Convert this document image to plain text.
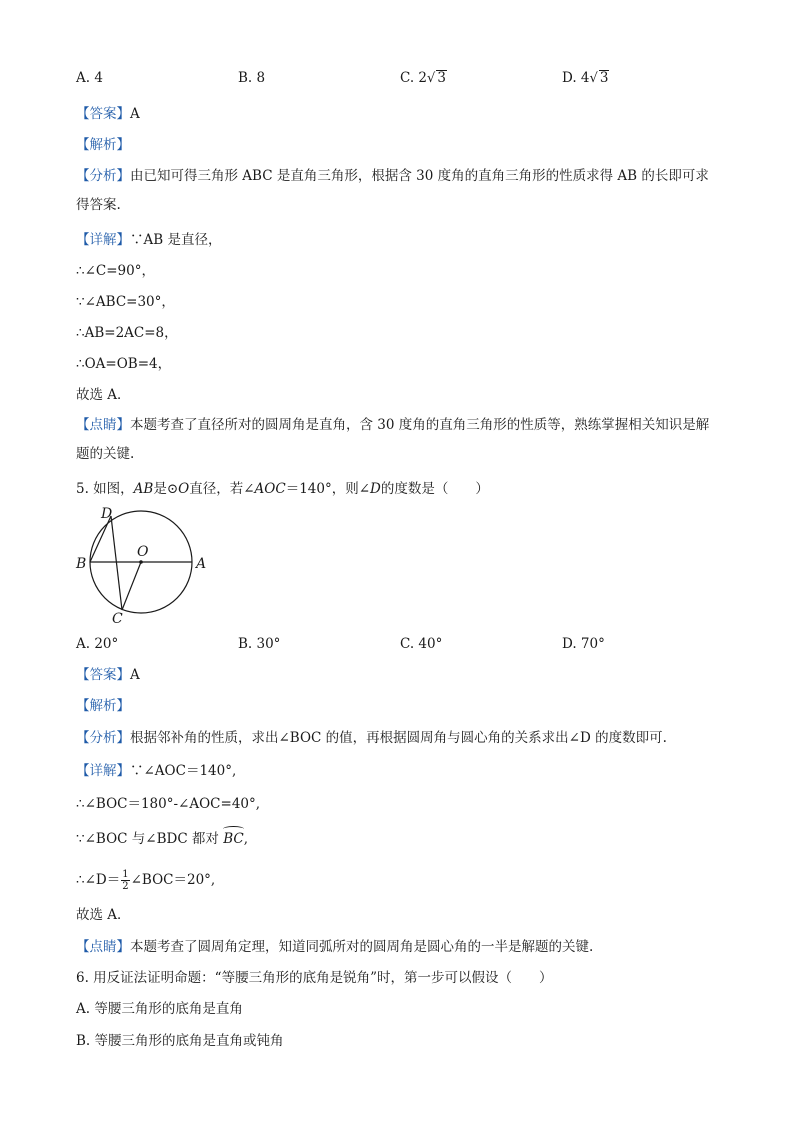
A. 4	B. 8	C. 2√ 3	D. 4√ 3
【答案】A
【解析】
【分析】由已知可得三角形 ABC 是直角三角形，根据含 30 度角的直角三角形的性质求得 AB 的长即可求得答案.
【详解】∵AB 是直径，
∴∠C=90°，
∵∠ABC=30°，
∴AB=2AC=8，
∴OA=OB=4，
故选 A．
【点睛】本题考查了直径所对的圆周角是直角，含 30 度角的直角三角形的性质等，熟练掌握相关知识是解题的关键.
5. 如图，AB是⊙O直径，若∠AOC＝140°，则∠D的度数是（　　）
D
B
O
A
C
A. 20°	B. 30°	C. 40°	D. 70°
【答案】A
【解析】
【分析】根据邻补角的性质，求出∠BOC 的值，再根据圆周角与圆心角的关系求出∠D 的度数即可.
【详解】∵∠AOC＝140°,
∴∠BOC＝180°-∠AOC=40°,
∵∠BOC 与∠BDC 都对 BC,
∴∠D＝ $\frac{1}{2}$ ∠BOC＝20°,
故选 A．
【点睛】本题考查了圆周角定理，知道同弧所对的圆周角是圆心角的一半是解题的关键.
6. 用反证法证明命题：“等腰三角形的底角是锐角”时，第一步可以假设（　　）
A. 等腰三角形的底角是直角
B. 等腰三角形的底角是直角或钝角
